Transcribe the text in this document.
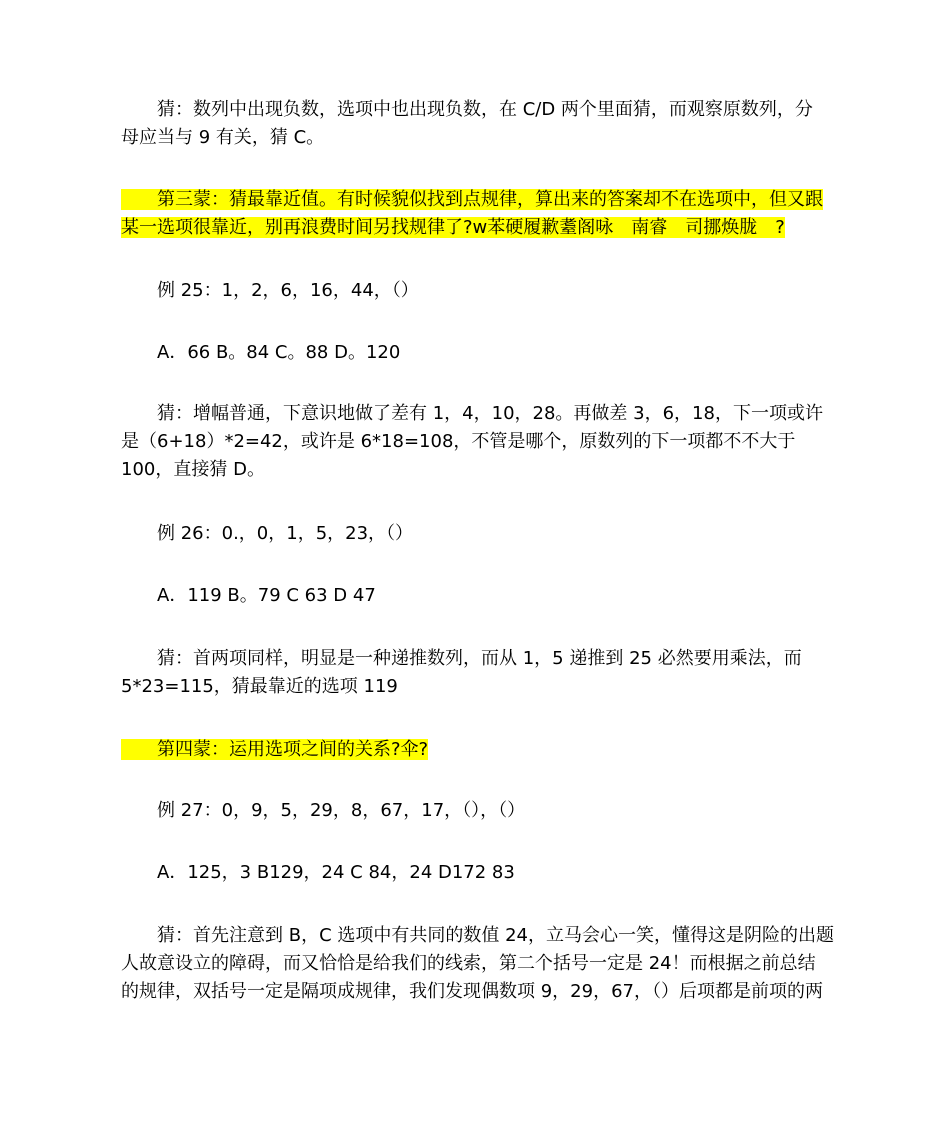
　　猜：数列中出现负数，选项中也出现负数，在 C/D 两个里面猜，而观察原数列，分
母应当与 9 有关，猜 C。
　　第三蒙：猜最靠近值。有时候貌似找到点规律，算出来的答案却不在选项中，但又跟
某一选项很靠近，别再浪费时间另找规律了?w苯硬履歉耋阁咏　南睿　司挪焕胧　?
　　例 25：1，2，6，16，44，（）
　　A．66 B。84 C。88 D。120
　　猜：增幅普通，下意识地做了差有 1，4，10，28。再做差 3，6，18，下一项或许
是（6+18）*2=42，或许是 6*18=108，不管是哪个，原数列的下一项都不不大于
100，直接猜 D。
　　例 26：0.，0，1，5，23，（）
　　A．119 B。79 C 63 D 47
　　猜：首两项同样，明显是一种递推数列，而从 1，5 递推到 25 必然要用乘法，而
5*23=115，猜最靠近的选项 119
　　第四蒙：运用选项之间的关系?伞?
　　例 27：0，9，5，29，8，67，17，（），（）
　　A．125，3 B129，24 C 84，24 D172 83
　　猜：首先注意到 B，C 选项中有共同的数值 24，立马会心一笑，懂得这是阴险的出题
人故意设立的障碍，而又恰恰是给我们的线索，第二个括号一定是 24！而根据之前总结
的规律，双括号一定是隔项成规律，我们发现偶数项 9，29，67，（）后项都是前项的两
